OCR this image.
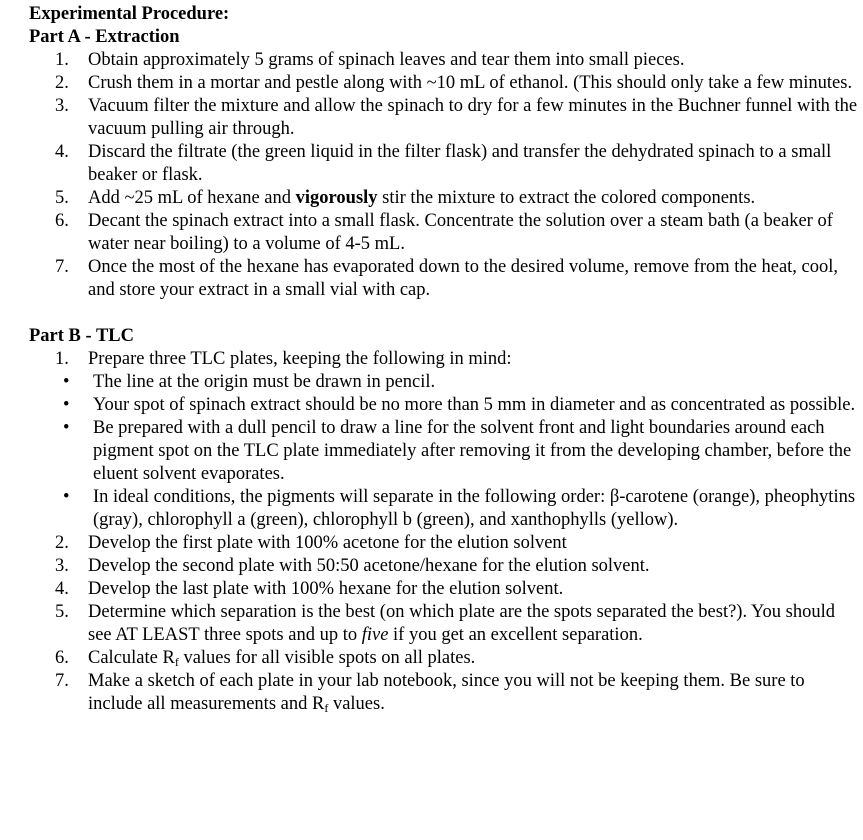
Experimental Procedure:
Part A - Extraction
1.	Obtain approximately 5 grams of spinach leaves and tear them into small pieces.
2.	Crush them in a mortar and pestle along with ~10 mL of ethanol. (This should only take a few minutes.
3.	Vacuum filter the mixture and allow the spinach to dry for a few minutes in the Buchner funnel with the vacuum pulling air through.
4.	Discard the filtrate (the green liquid in the filter flask) and transfer the dehydrated spinach to a small beaker or flask.
5.	Add ~25 mL of hexane and vigorously stir the mixture to extract the colored components.
6.	Decant the spinach extract into a small flask. Concentrate the solution over a steam bath (a beaker of water near boiling) to a volume of 4-5 mL.
7.	Once the most of the hexane has evaporated down to the desired volume, remove from the heat, cool, and store your extract in a small vial with cap.
Part B - TLC
1.	Prepare three TLC plates, keeping the following in mind:
• The line at the origin must be drawn in pencil.
• Your spot of spinach extract should be no more than 5 mm in diameter and as concentrated as possible.
• Be prepared with a dull pencil to draw a line for the solvent front and light boundaries around each pigment spot on the TLC plate immediately after removing it from the developing chamber, before the eluent solvent evaporates.
• In ideal conditions, the pigments will separate in the following order: β-carotene (orange), pheophytins (gray), chlorophyll a (green), chlorophyll b (green), and xanthophylls (yellow).
2.	Develop the first plate with 100% acetone for the elution solvent
3.	Develop the second plate with 50:50 acetone/hexane for the elution solvent.
4.	Develop the last plate with 100% hexane for the elution solvent.
5.	Determine which separation is the best (on which plate are the spots separated the best?). You should see AT LEAST three spots and up to five if you get an excellent separation.
6.	Calculate $R_f$ values for all visible spots on all plates.
7.	Make a sketch of each plate in your lab notebook, since you will not be keeping them. Be sure to include all measurements and $R_f$ values.
